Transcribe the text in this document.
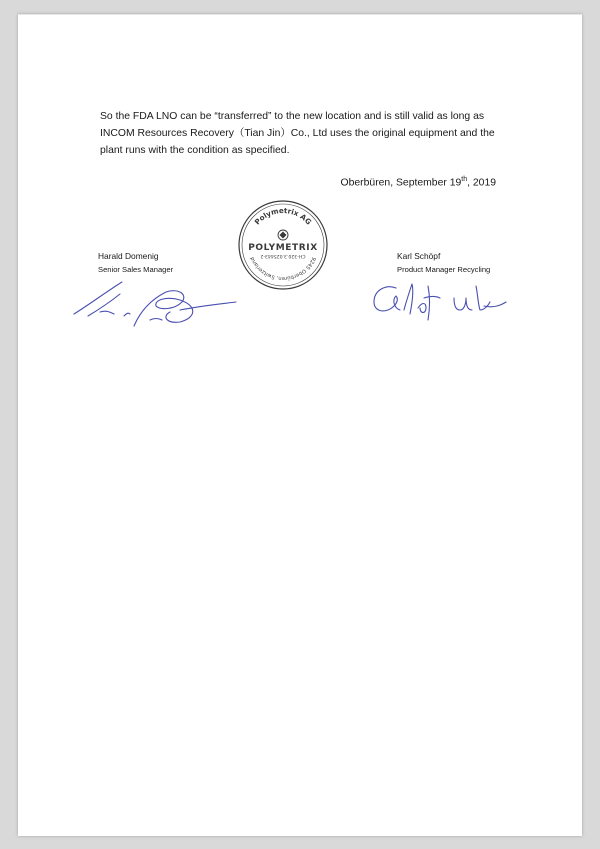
So the FDA LNO can be “transferred” to the new location and is still valid as long as
INCOM Resources Recovery（Tian Jin）Co., Ltd uses the original equipment and the
plant runs with the condition as specified.
Oberbüren, September 19th, 2019
Harald Domenig
Senior Sales Manager
Karl Schöpf
Product Manager Recycling
Polymetrix AG
POLYMETRIX
CH-320.3.025443-2
9245 Oberbüren, Switzerland
